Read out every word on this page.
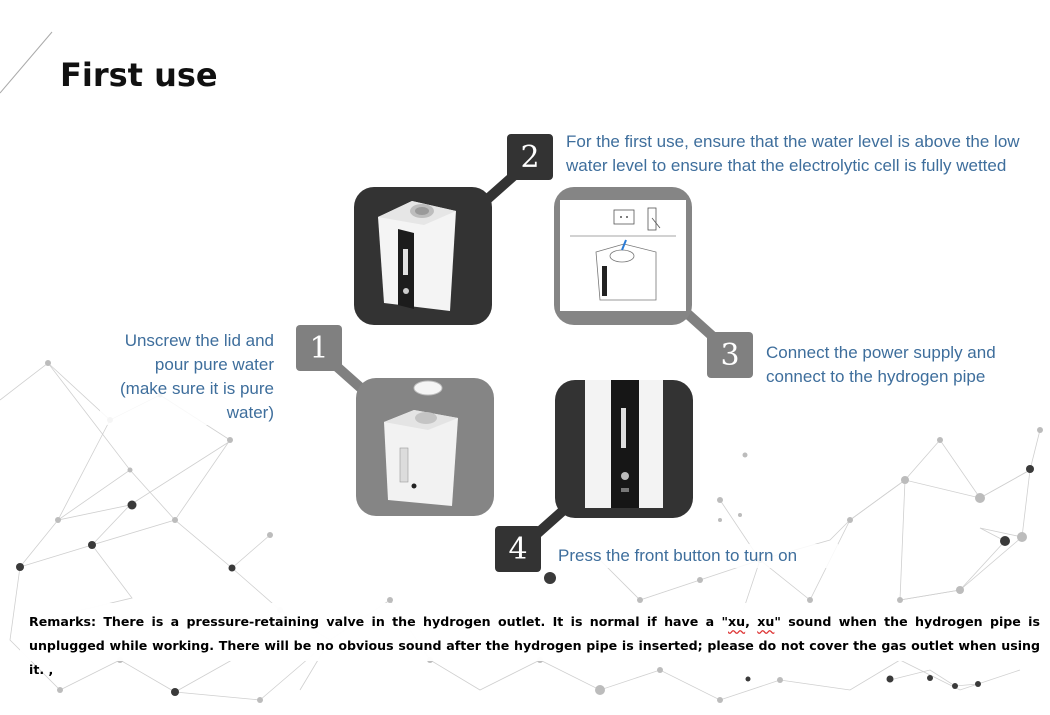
First use
1
2
3
4
Unscrew the lid and
pour pure water
(make sure it is pure
water)
For the first use, ensure that the water level is above the low
water level to ensure that the electrolytic cell is fully wetted
Connect the power supply and
connect to the hydrogen pipe
Press the front button to turn on
Remarks: There is a pressure-retaining valve in the hydrogen outlet. It is normal if have a "xu, xu" sound when the hydrogen pipe is unplugged while working. There will be no obvious sound after the hydrogen pipe is inserted; please do not cover the gas outlet when using it. ,
